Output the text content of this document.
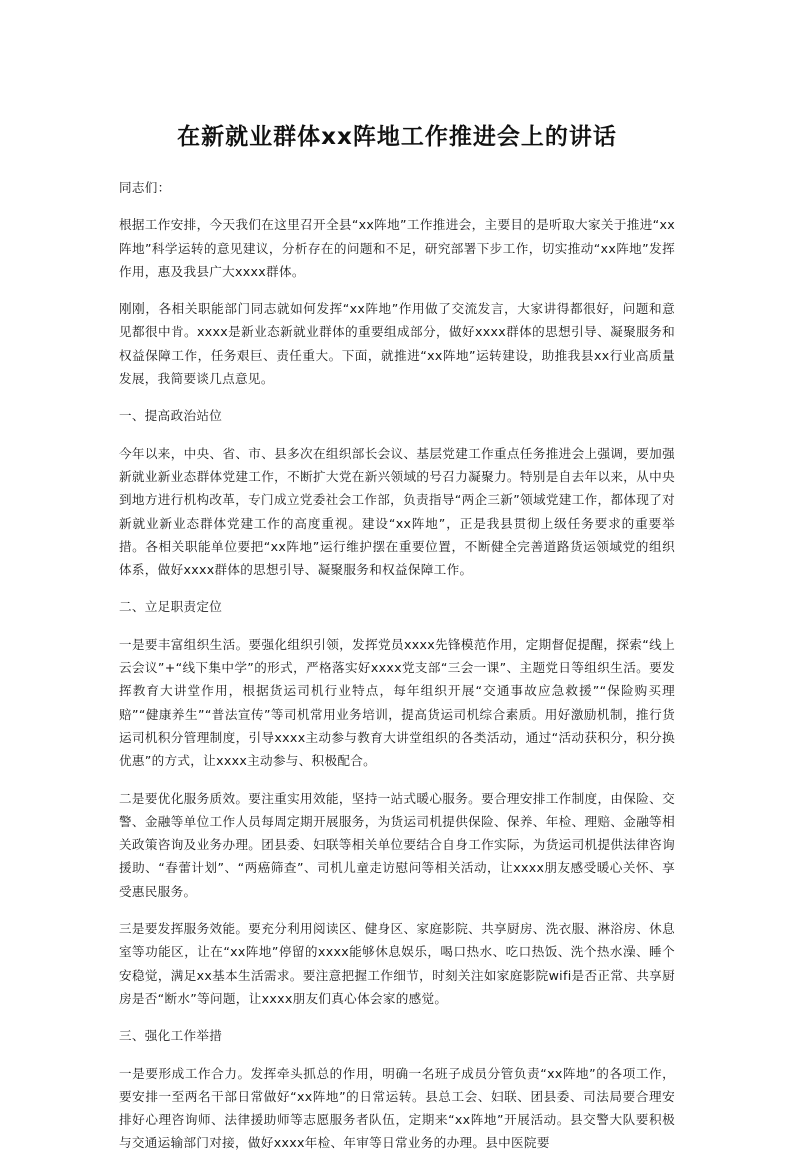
在新就业群体xx阵地工作推进会上的讲话

同志们：

根据工作安排，今天我们在这里召开全县“xx阵地”工作推进会，主要目的是听取大家关于推进“xx阵地”科学运转的意见建议，分析存在的问题和不足，研究部署下步工作，切实推动“xx阵地”发挥作用，惠及我县广大xxxx群体。

刚刚，各相关职能部门同志就如何发挥“xx阵地”作用做了交流发言，大家讲得都很好，问题和意见都很中肯。xxxx是新业态新就业群体的重要组成部分，做好xxxx群体的思想引导、凝聚服务和权益保障工作，任务艰巨、责任重大。下面，就推进“xx阵地”运转建设，助推我县xx行业高质量发展，我简要谈几点意见。

一、提高政治站位

今年以来，中央、省、市、县多次在组织部长会议、基层党建工作重点任务推进会上强调，要加强新就业新业态群体党建工作，不断扩大党在新兴领域的号召力凝聚力。特别是自去年以来，从中央到地方进行机构改革，专门成立党委社会工作部，负责指导“两企三新”领域党建工作，都体现了对新就业新业态群体党建工作的高度重视。建设“xx阵地”，正是我县贯彻上级任务要求的重要举措。各相关职能单位要把“xx阵地”运行维护摆在重要位置，不断健全完善道路货运领域党的组织体系，做好xxxx群体的思想引导、凝聚服务和权益保障工作。

二、立足职责定位

一是要丰富组织生活。要强化组织引领，发挥党员xxxx先锋模范作用，定期督促提醒，探索“线上云会议”+“线下集中学”的形式，严格落实好xxxx党支部“三会一课”、主题党日等组织生活。要发挥教育大讲堂作用，根据货运司机行业特点，每年组织开展“交通事故应急救援”“保险购买理赔”“健康养生”“普法宣传”等司机常用业务培训，提高货运司机综合素质。用好激励机制，推行货运司机积分管理制度，引导xxxx主动参与教育大讲堂组织的各类活动，通过“活动获积分，积分换优惠”的方式，让xxxx主动参与、积极配合。

二是要优化服务质效。要注重实用效能，坚持一站式暖心服务。要合理安排工作制度，由保险、交警、金融等单位工作人员每周定期开展服务，为货运司机提供保险、保养、年检、理赔、金融等相关政策咨询及业务办理。团县委、妇联等相关单位要结合自身工作实际，为货运司机提供法律咨询援助、“春蕾计划”、“两癌筛查”、司机儿童走访慰问等相关活动，让xxxx朋友感受暖心关怀、享受惠民服务。

三是要发挥服务效能。要充分利用阅读区、健身区、家庭影院、共享厨房、洗衣服、淋浴房、休息室等功能区，让在“xx阵地”停留的xxxx能够休息娱乐，喝口热水、吃口热饭、洗个热水澡、睡个安稳觉，满足xx基本生活需求。要注意把握工作细节，时刻关注如家庭影院wifi是否正常、共享厨房是否“断水”等问题，让xxxx朋友们真心体会家的感觉。

三、强化工作举措

一是要形成工作合力。发挥牵头抓总的作用，明确一名班子成员分管负责“xx阵地”的各项工作，要安排一至两名干部日常做好“xx阵地”的日常运转。县总工会、妇联、团县委、司法局要合理安排好心理咨询师、法律援助师等志愿服务者队伍，定期来“xx阵地”开展活动。县交警大队要积极与交通运输部门对接，做好xxxx年检、年审等日常业务的办理。县中医院要
